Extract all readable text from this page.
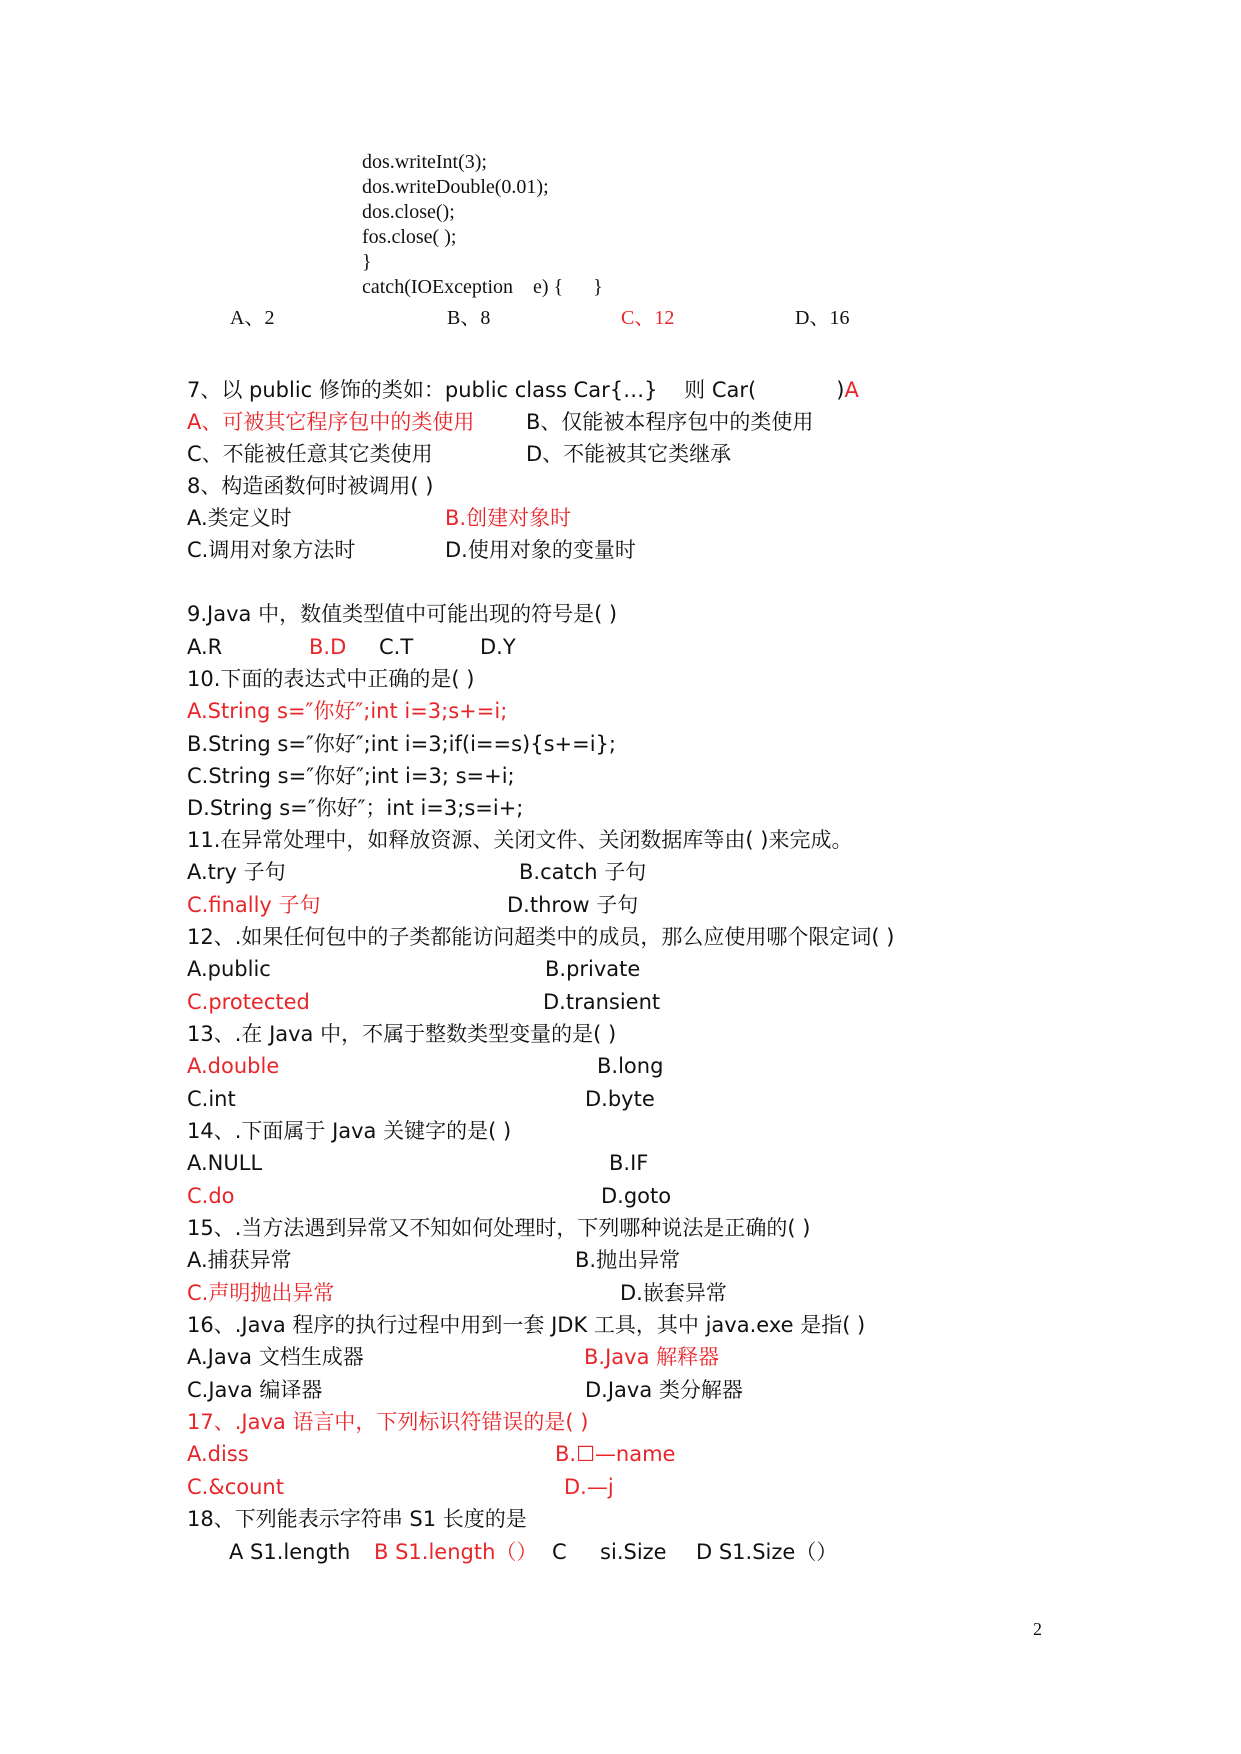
dos.writeInt(3);
dos.writeDouble(0.01);
dos.close();
fos.close( );
}
catch(IOException    e) {      }
A、2	B、8	C、12	D、16
7、以 public 修饰的类如：public class Car{…}    则 Car(            )A
A、可被其它程序包中的类使用 B、仅能被本程序包中的类使用
C、不能被任意其它类使用	D、不能被其它类继承
8、构造函数何时被调用( )
A.类定义时	B.创建对象时
C.调用对象方法时	D.使用对象的变量时
9.Java 中，数值类型值中可能出现的符号是( )
A.R	B.D C.T	D.Y
10.下面的表达式中正确的是( )
A.String s=″你好″;int i=3;s+=i;
B.String s=″你好″;int i=3;if(i==s){s+=i};
C.String s=″你好″;int i=3; s=+i;
D.String s=″你好″；int i=3;s=i+;
11.在异常处理中，如释放资源、关闭文件、关闭数据库等由( )来完成。
A.try 子句	B.catch 子句
C.finally 子句	D.throw 子句
12、.如果任何包中的子类都能访问超类中的成员，那么应使用哪个限定词( )
A.public	B.private
C.protected	D.transient
13、.在 Java 中，不属于整数类型变量的是( )
A.double	B.long
C.int	D.byte
14、.下面属于 Java 关键字的是( )
A.NULL	B.IF
C.do	D.goto
15、.当方法遇到异常又不知如何处理时，下列哪种说法是正确的( )
A.捕获异常	B.抛出异常
C.声明抛出异常	D.嵌套异常
16、.Java 程序的执行过程中用到一套 JDK 工具，其中 java.exe 是指( )
A.Java 文档生成器	B.Java 解释器
C.Java 编译器	D.Java 类分解器
17、.Java 语言中，下列标识符错误的是( )
A.diss	B.☐—name
C.&count	D.—j
18、下列能表示字符串 S1 长度的是
A S1.length B S1.length（） C     si.Size D S1.Size（）
2
